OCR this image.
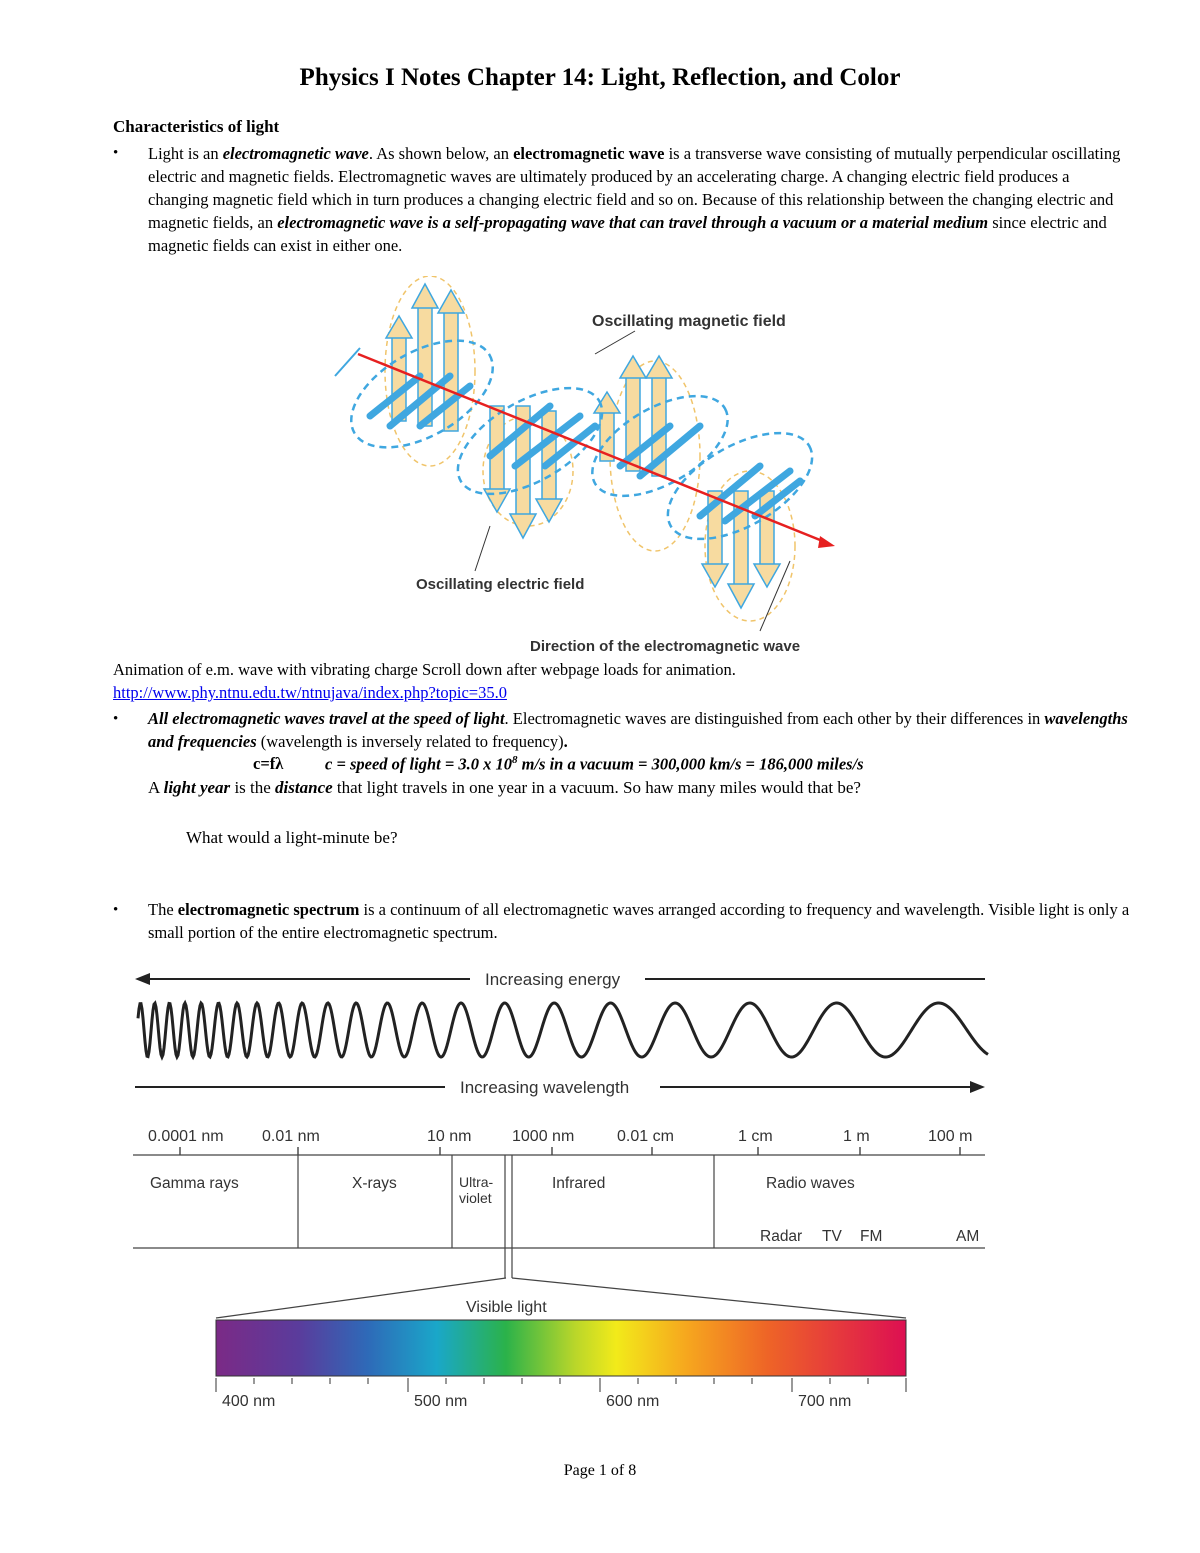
Physics I Notes Chapter 14: Light, Reflection, and Color
Characteristics of light
• Light is an electromagnetic wave. As shown below, an electromagnetic wave is a transverse wave consisting of mutually perpendicular oscillating electric and magnetic fields. Electromagnetic waves are ultimately produced by an accelerating charge. A changing electric field produces a changing magnetic field which in turn produces a changing electric field and so on. Because of this relationship between the changing electric and magnetic fields, an electromagnetic wave is a self-propagating wave that can travel through a vacuum or a material medium since electric and magnetic fields can exist in either one.
Oscillating magnetic field
Oscillating electric field
Direction of the electromagnetic wave
Animation of e.m. wave with vibrating charge Scroll down after webpage loads for animation.
http://www.phy.ntnu.edu.tw/ntnujava/index.php?topic=35.0
• All electromagnetic waves travel at the speed of light. Electromagnetic waves are distinguished from each other by their differences in wavelengths and frequencies (wavelength is inversely related to frequency).
c=fλ	c = speed of light = 3.0 x $10^8$ m/s in a vacuum = 300,000 km/s = 186,000 miles/s
A light year is the distance that light travels in one year in a vacuum. So haw many miles would that be?
What would a light-minute be?
• The electromagnetic spectrum is a continuum of all electromagnetic waves arranged according to frequency and wavelength. Visible light is only a small portion of the entire electromagnetic spectrum.
Increasing energy
Increasing wavelength
0.0001 nm 0.01 nm	10 nm	1000 nm	0.01 cm	1 cm	1 m	100 m
Gamma rays	X-rays	Ultra-
violet
Infrared	Radio waves
Radar TV FM	AM
Visible light
400 nm	500 nm	600 nm	700 nm
Page 1 of 8
